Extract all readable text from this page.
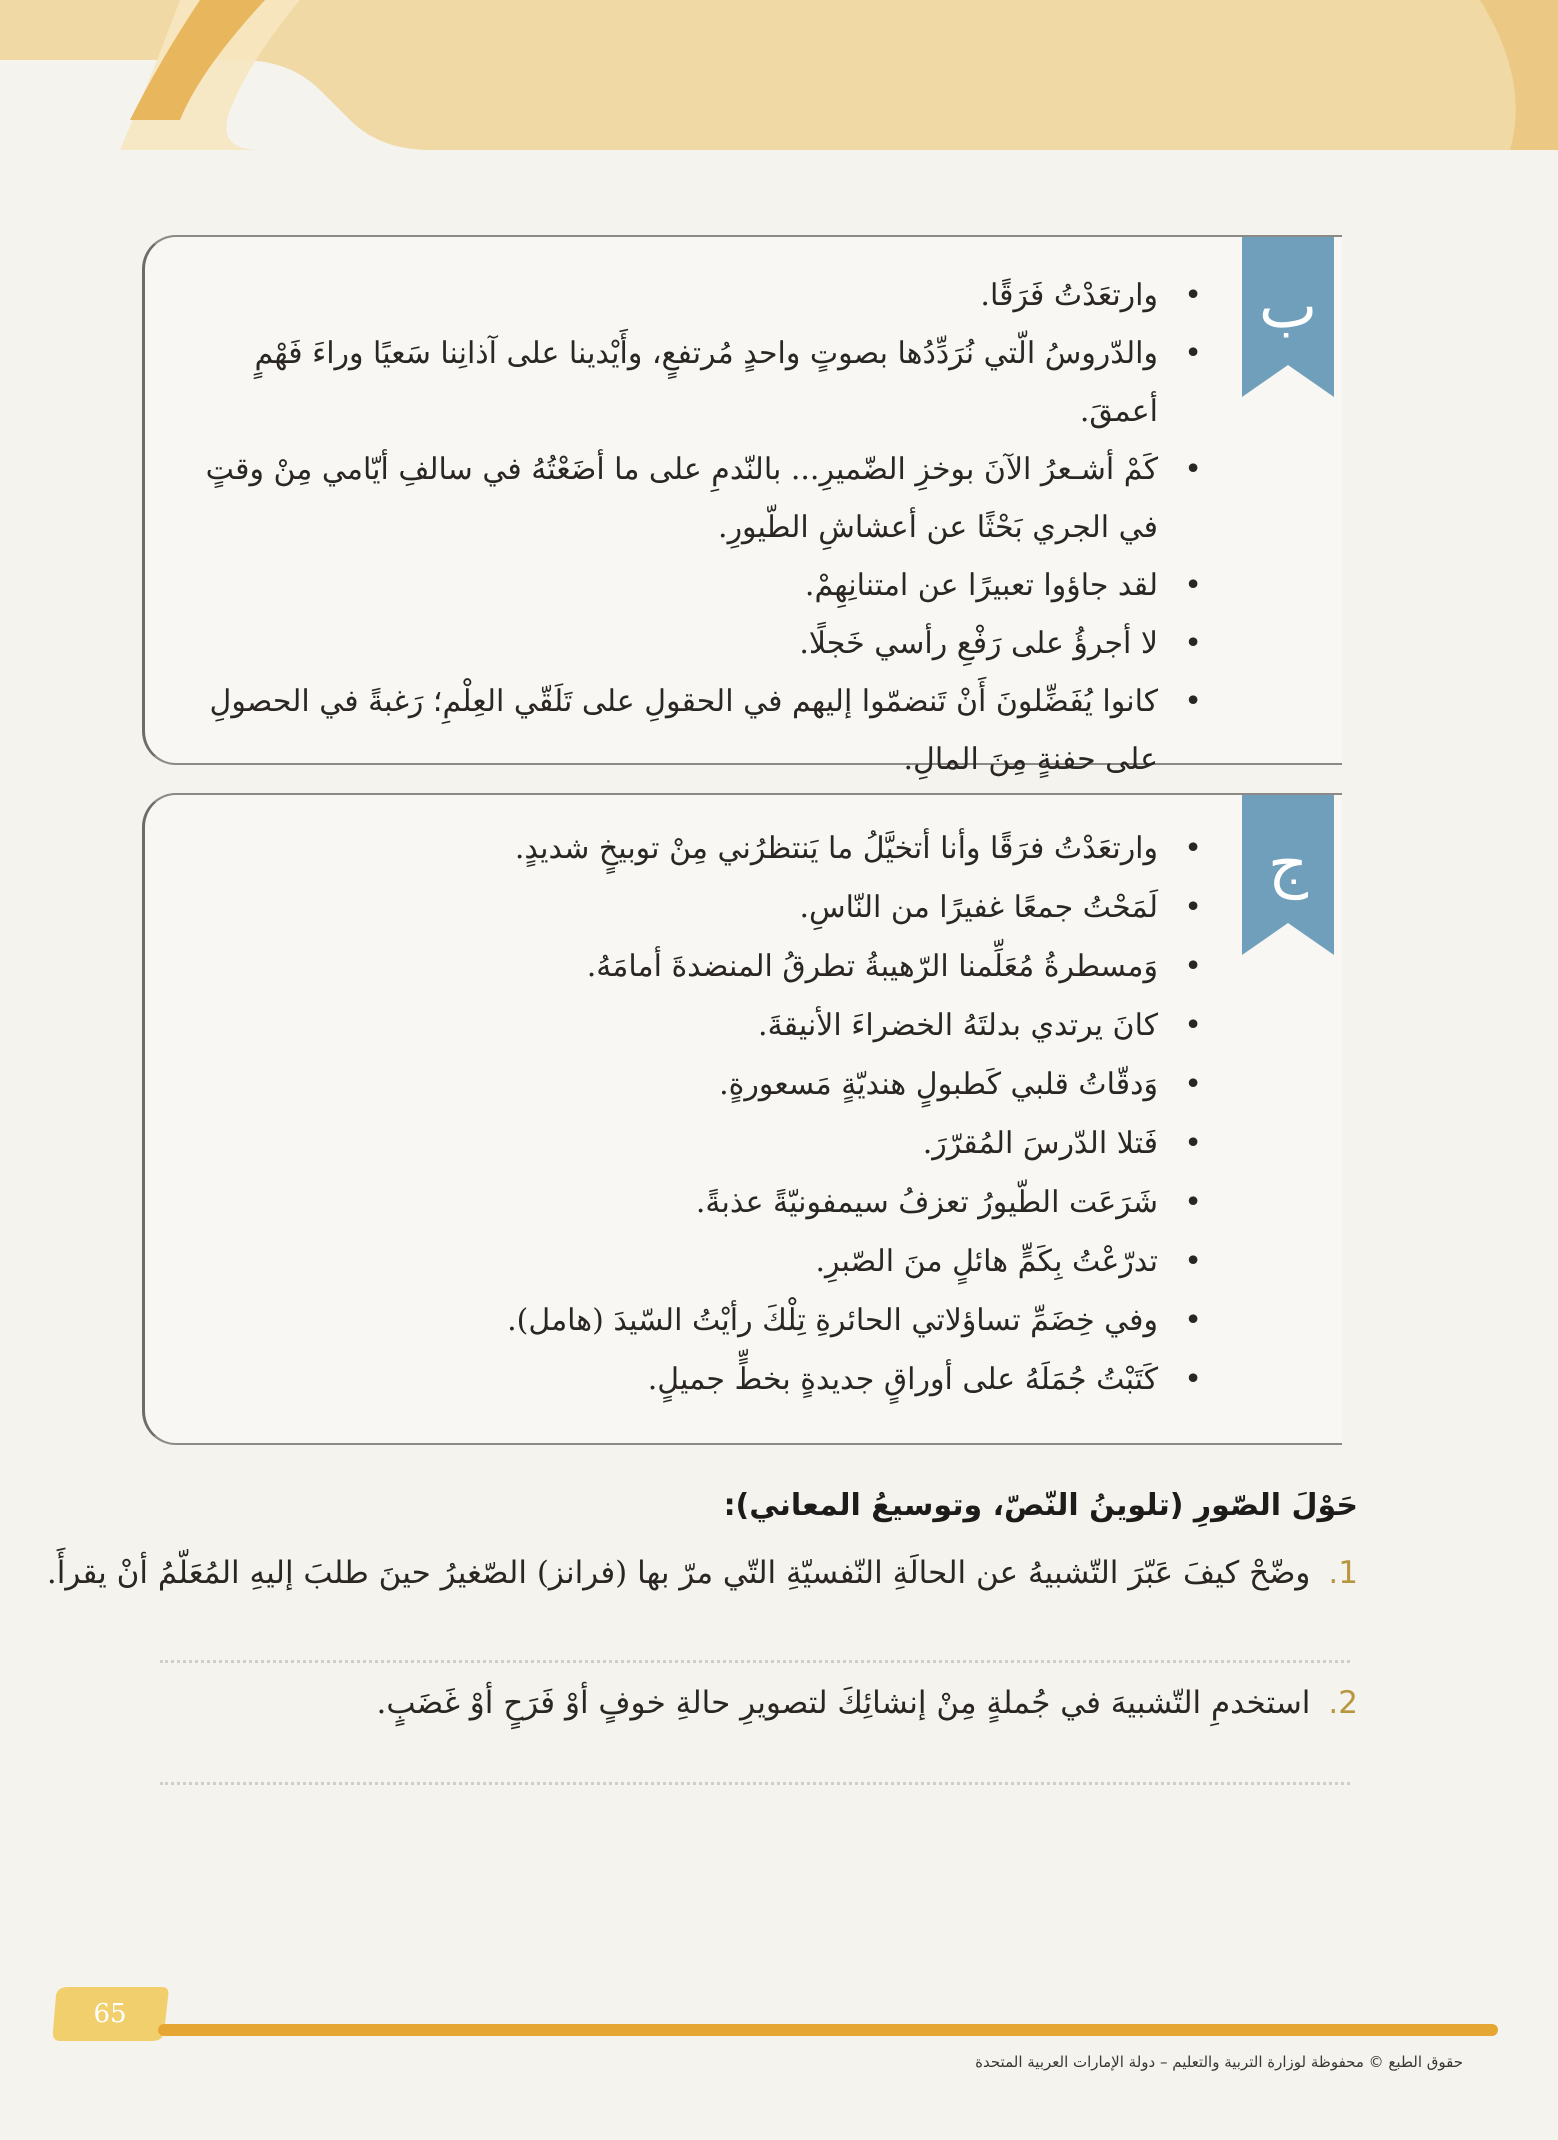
ب
• وارتعَدْتُ فَرَقًا.
• والدّروسُ الّتي نُرَدِّدُها بصوتٍ واحدٍ مُرتفعٍ، وأَيْدينا على آذانِنا سَعيًا وراءَ فَهْمٍ أعمقَ.
• كَمْ أشـعرُ الآنَ بوخزِ الضّميرِ... بالنّدمِ على ما أضَعْتُهُ في سالفِ أيّامي مِنْ وقتٍ في الجري بَحْثًا عن أعشاشِ الطّيورِ.
• لقد جاؤوا تعبيرًا عن امتنانِهِمْ.
• لا أجرؤُ على رَفْعِ رأسي خَجلًا.
• كانوا يُفَضِّلونَ أَنْ تَنضمّوا إليهم في الحقولِ على تَلَقّي العِلْمِ؛ رَغبةً في الحصولِ على حفنةٍ مِنَ المالِ.
ج
• وارتعَدْتُ فرَقًا وأنا أتخيَّلُ ما يَنتظرُني مِنْ توبيخٍ شديدٍ.
• لَمَحْتُ جمعًا غفيرًا من النّاسِ.
• وَمسطرةُ مُعَلِّمنا الرّهيبةُ تطرقُ المنضدةَ أمامَهُ.
• كانَ يرتدي بدلتَهُ الخضراءَ الأنيقةَ.
• وَدقّاتُ قلبي كَطبولٍ هنديّةٍ مَسعورةٍ.
• فَتلا الدّرسَ المُقرّرَ.
• شَرَعَت الطّيورُ تعزفُ سيمفونيّةً عذبةً.
• تدرّعْتُ بِكَمٍّ هائلٍ منَ الصّبرِ.
• وفي خِضَمِّ تساؤلاتي الحائرةِ تِلْكَ رأيْتُ السّيدَ (هامل).
• كَتَبْتُ جُمَلَهُ على أوراقٍ جديدةٍ بخطٍّ جميلٍ.
حَوْلَ الصّورِ (تلوينُ النّصّ، وتوسيعُ المعاني):
1.وضّحْ كيفَ عَبّرَ التّشبيهُ عن الحالَةِ النّفسيّةِ التّي مرّ بها (فرانز) الصّغيرُ حينَ طلبَ إليهِ المُعَلّمُ أنْ يقرأَ.
2.استخدمِ التّشبيهَ في جُملةٍ مِنْ إنشائِكَ لتصويرِ حالةِ خوفٍ أوْ فَرَحٍ أوْ غَضَبٍ.
65
حقوق الطبع © محفوظة لوزارة التربية والتعليم – دولة الإمارات العربية المتحدة
